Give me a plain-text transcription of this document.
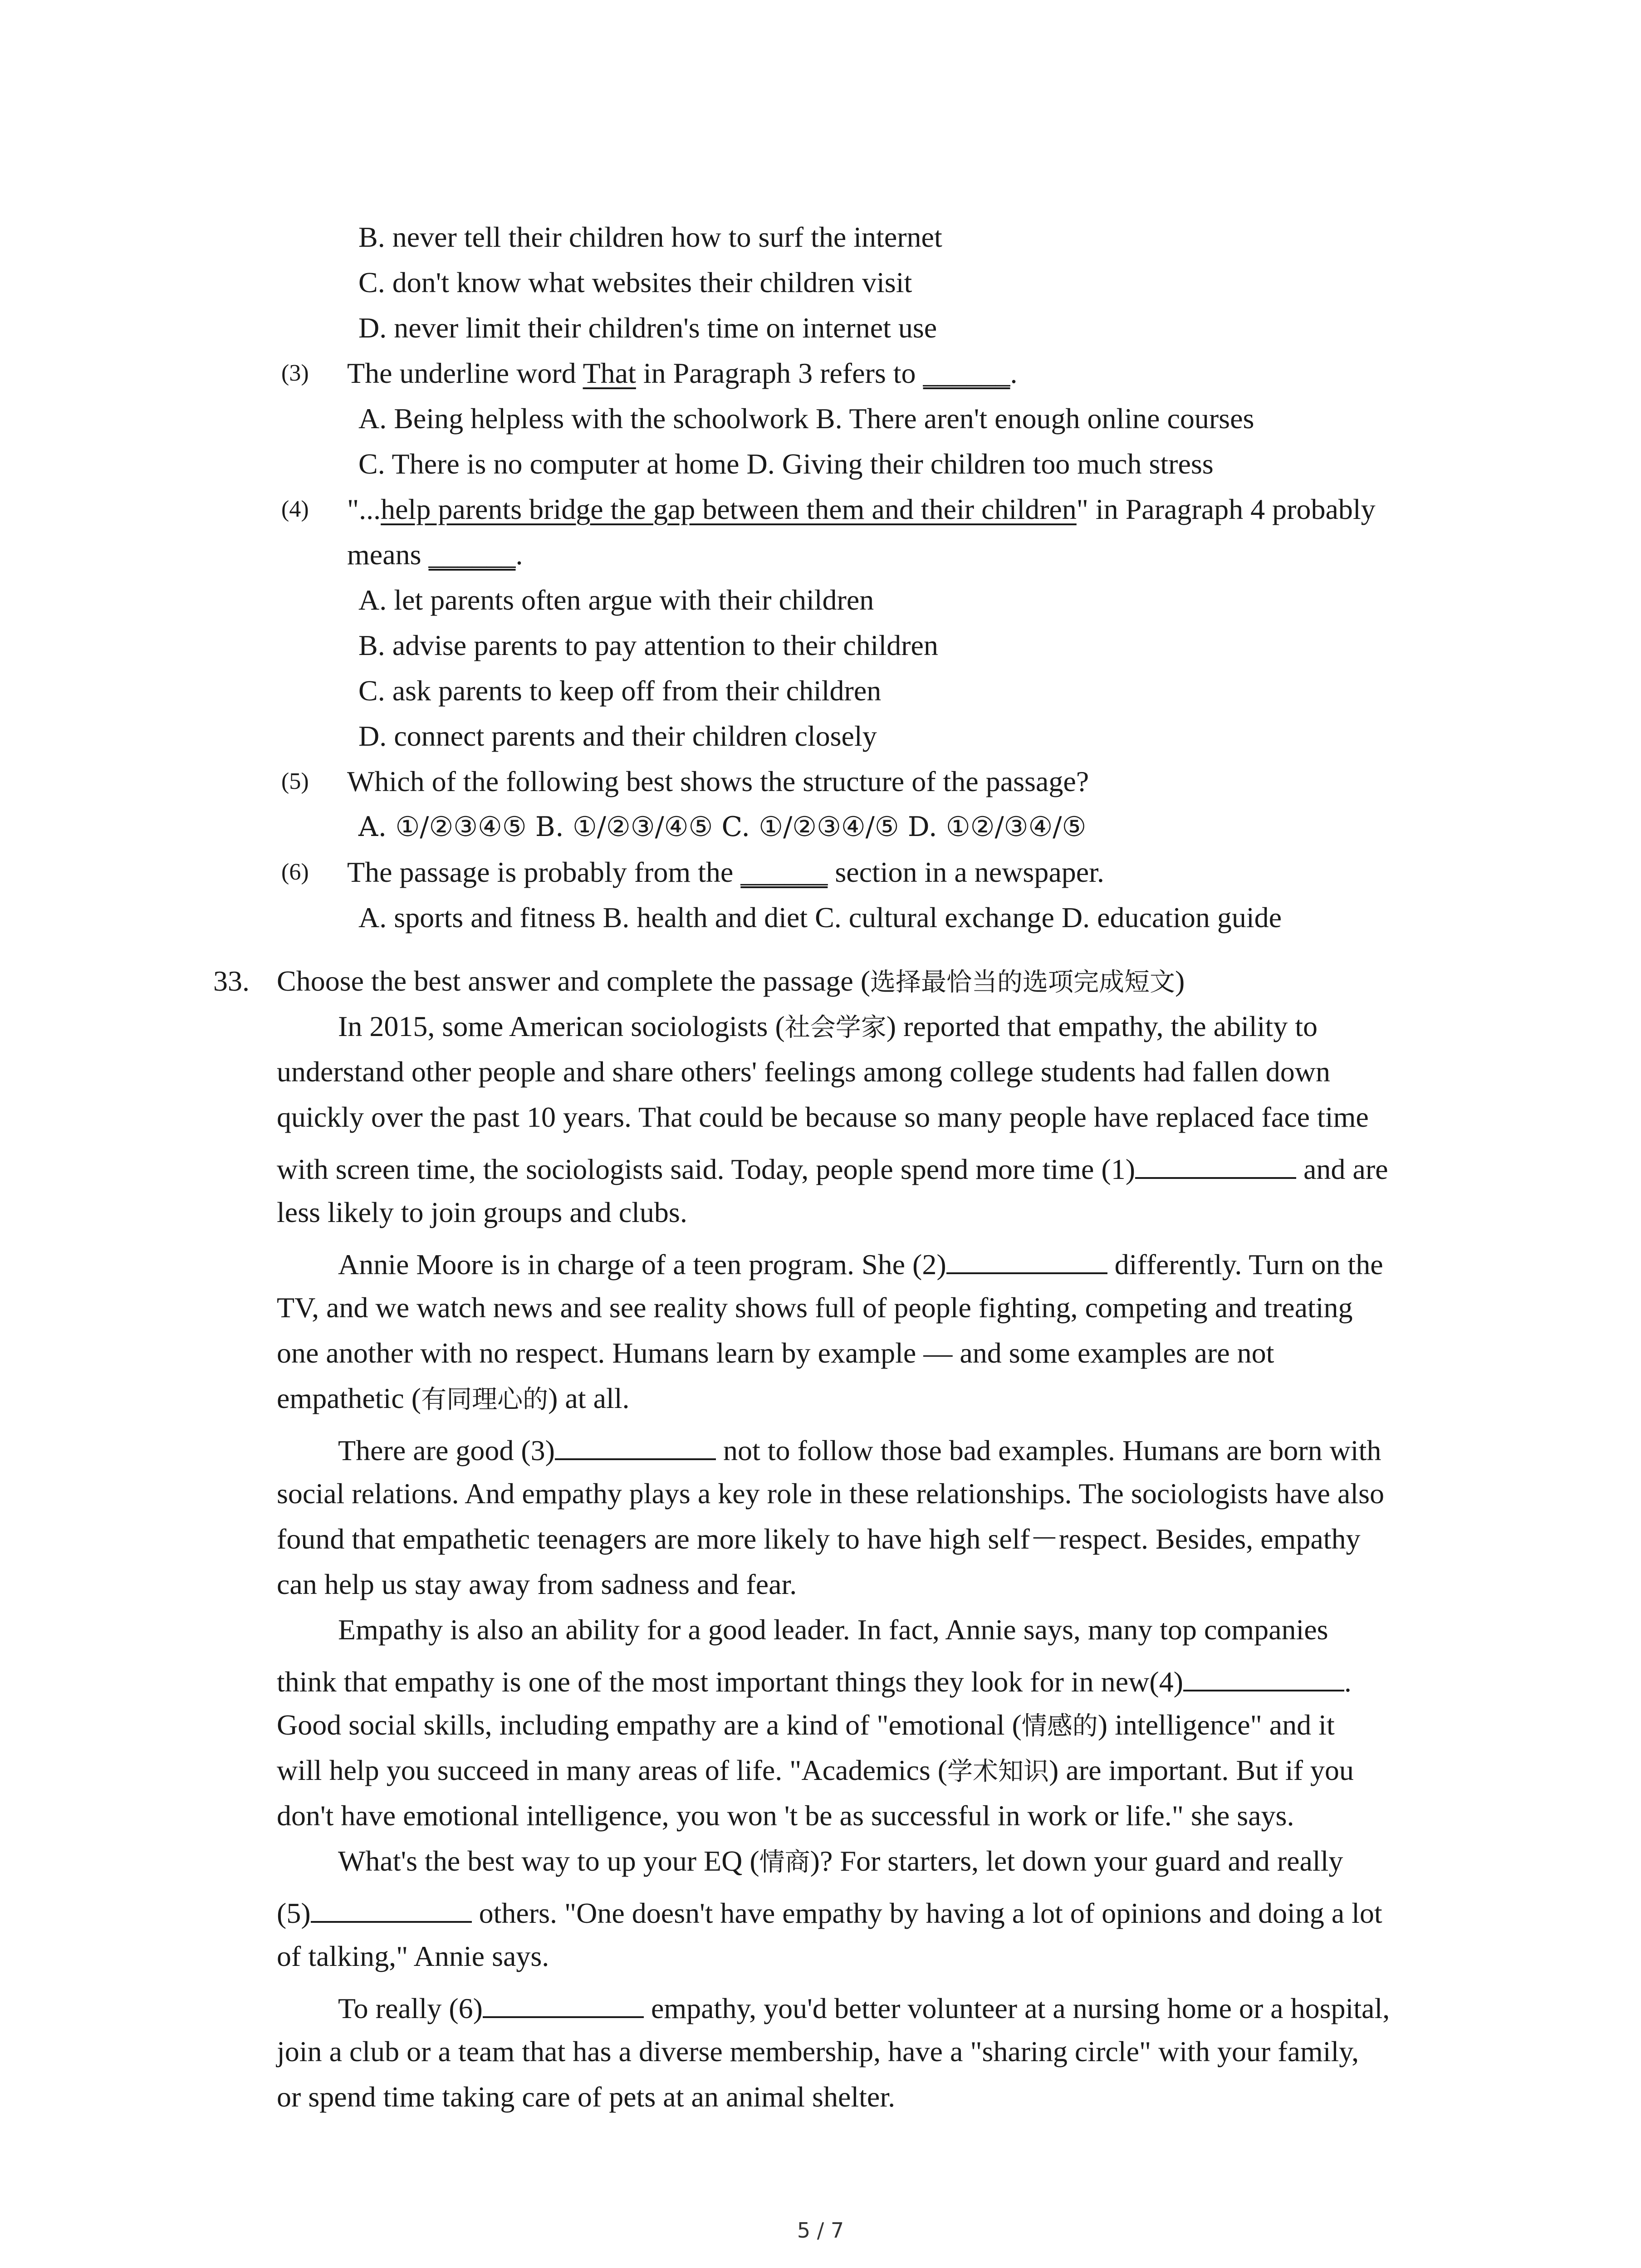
B. never tell their children how to surf the internet
C. don't know what websites their children visit
D. never limit their children's time on internet use
(3) The underline word That in Paragraph 3 refers to ______.
A. Being helpless with the schoolwork B. There aren't enough online courses
C. There is no computer at home D. Giving their children too much stress
(4) "...help parents bridge the gap between them and their children" in Paragraph 4 probably
means ______.
A. let parents often argue with their children
B. advise parents to pay attention to their children
C. ask parents to keep off from their children
D. connect parents and their children closely
(5) Which of the following best shows the structure of the passage?
A. ①/②③④⑤ B. ①/②③/④⑤ C. ①/②③④/⑤ D. ①②/③④/⑤
(6) The passage is probably from the ______ section in a newspaper.
A. sports and fitness B. health and diet C. cultural exchange D. education guide
33. Choose the best answer and complete the passage (选择最恰当的选项完成短文)
In 2015, some American sociologists (社会学家) reported that empathy, the ability to
understand other people and share others' feelings among college students had fallen down
quickly over the past 10 years. That could be because so many people have replaced face time
with screen time, the sociologists said. Today, people spend more time (1)	and are
less likely to join groups and clubs.
Annie Moore is in charge of a teen program. She (2)	differently. Turn on the
TV, and we watch news and see reality shows full of people fighting, competing and treating
one another with no respect. Humans learn by example — and some examples are not
empathetic (有同理心的) at all.
There are good (3)	not to follow those bad examples. Humans are born with
social relations. And empathy plays a key role in these relationships. The sociologists have also
found that empathetic teenagers are more likely to have high self－respect. Besides, empathy
can help us stay away from sadness and fear.
Empathy is also an ability for a good leader. In fact, Annie says, many top companies
think that empathy is one of the most important things they look for in new(4)	.
Good social skills, including empathy are a kind of "emotional (情感的) intelligence" and it
will help you succeed in many areas of life. "Academics (学术知识) are important. But if you
don't have emotional intelligence, you won 't be as successful in work or life." she says.
What's the best way to up your EQ (情商)? For starters, let down your guard and really
(5)	others. "One doesn't have empathy by having a lot of opinions and doing a lot
of talking," Annie says.
To really (6)	empathy, you'd better volunteer at a nursing home or a hospital,
join a club or a team that has a diverse membership, have a "sharing circle" with your family,
or spend time taking care of pets at an animal shelter.
5 / 7
